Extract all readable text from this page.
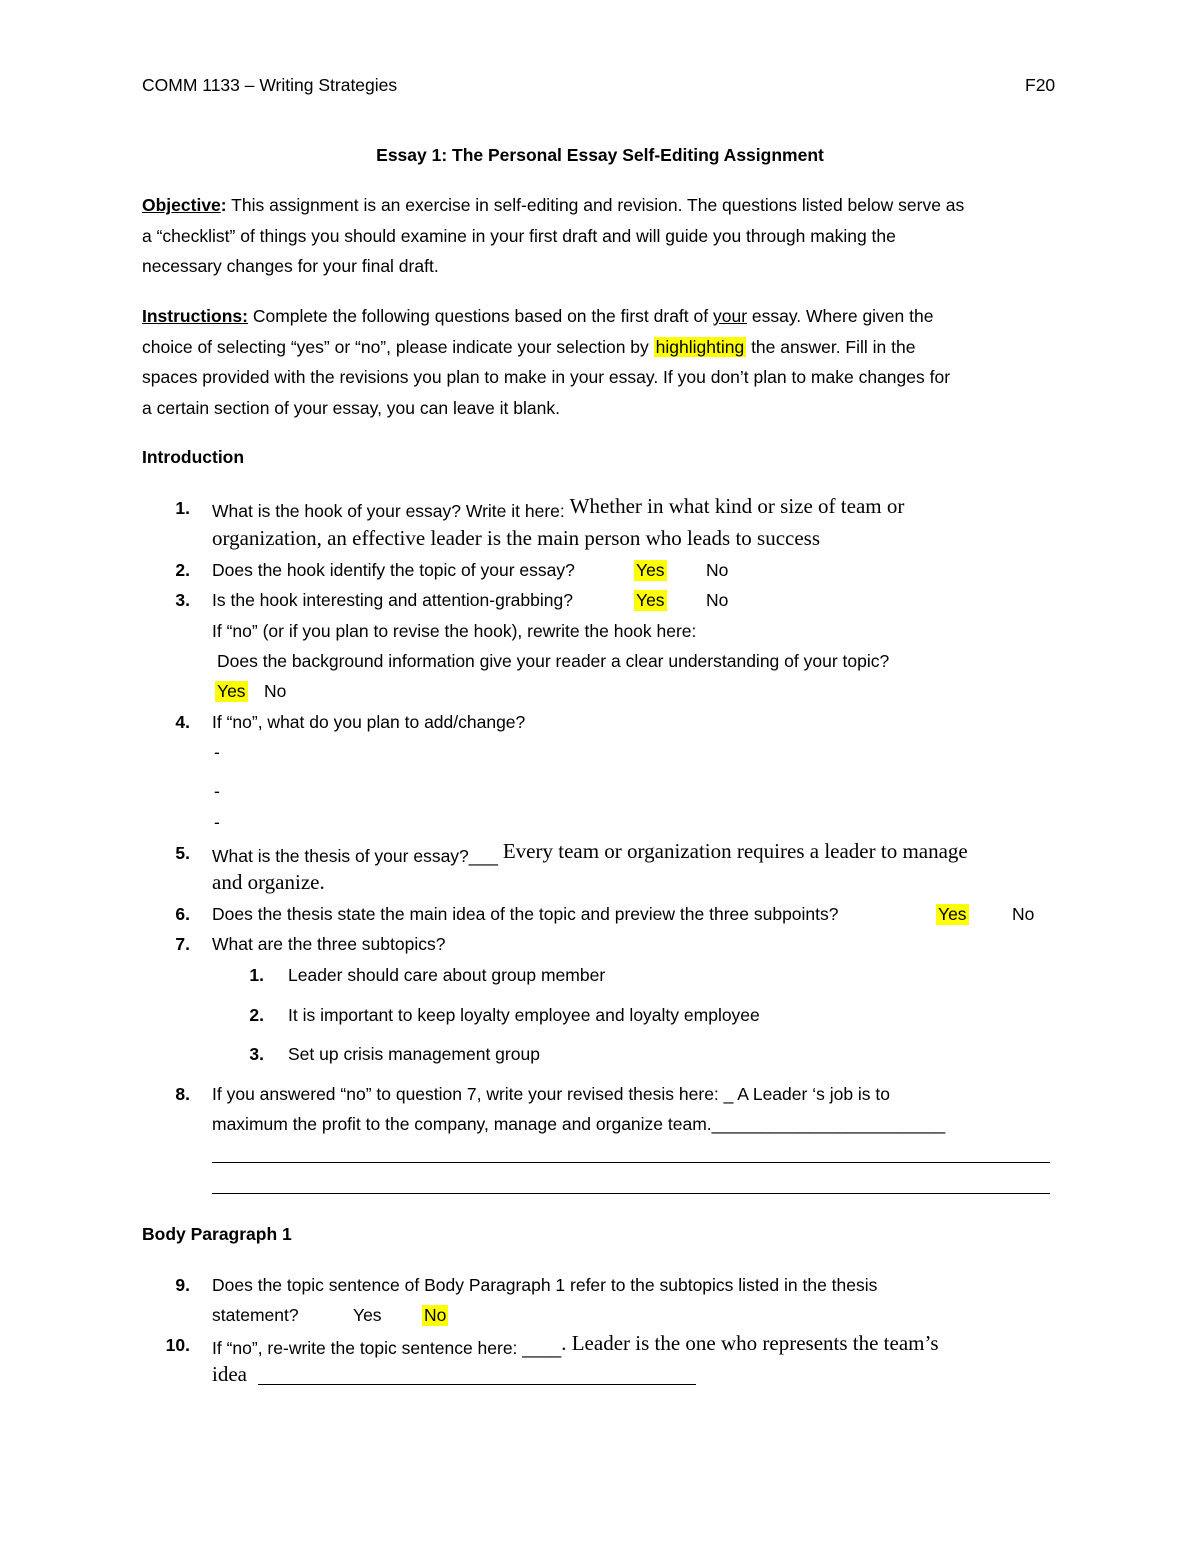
COMM 1133 – Writing Strategies	F20
Essay 1: The Personal Essay Self-Editing Assignment
Objective: This assignment is an exercise in self-editing and revision. The questions listed below serve as
a “checklist” of things you should examine in your first draft and will guide you through making the
necessary changes for your final draft.
Instructions: Complete the following questions based on the first draft of your essay. Where given the
choice of selecting “yes” or “no”, please indicate your selection by highlighting the answer. Fill in the
spaces provided with the revisions you plan to make in your essay. If you don’t plan to make changes for
a certain section of your essay, you can leave it blank.
Introduction
1. What is the hook of your essay? Write it here: Whether in what kind or size of team or
organization, an effective leader is the main person who leads to success
2. Does the hook identify the topic of your essay?	Yes No
3. Is the hook interesting and attention-grabbing?	Yes No
If “no” (or if you plan to revise the hook), rewrite the hook here:
Does the background information give your reader a clear understanding of your topic?
Yes No
4. If “no”, what do you plan to add/change?
-
-
-
5. What is the thesis of your essay?___ Every team or organization requires a leader to manage
and organize.
6. Does the thesis state the main idea of the topic and preview the three subpoints?	Yes	No
7. What are the three subtopics?
1. Leader should care about group member
2. It is important to keep loyalty employee and loyalty employee
3. Set up crisis management group
8. If you answered “no” to question 7, write your revised thesis here: _ A Leader ‘s job is to
maximum the profit to the company, manage and organize team.________________________
Body Paragraph 1
9. Does the topic sentence of Body Paragraph 1 refer to the subtopics listed in the thesis
statement?	Yes No
10. If “no”, re-write the topic sentence here: ____. Leader is the one who represents the team’s
idea
